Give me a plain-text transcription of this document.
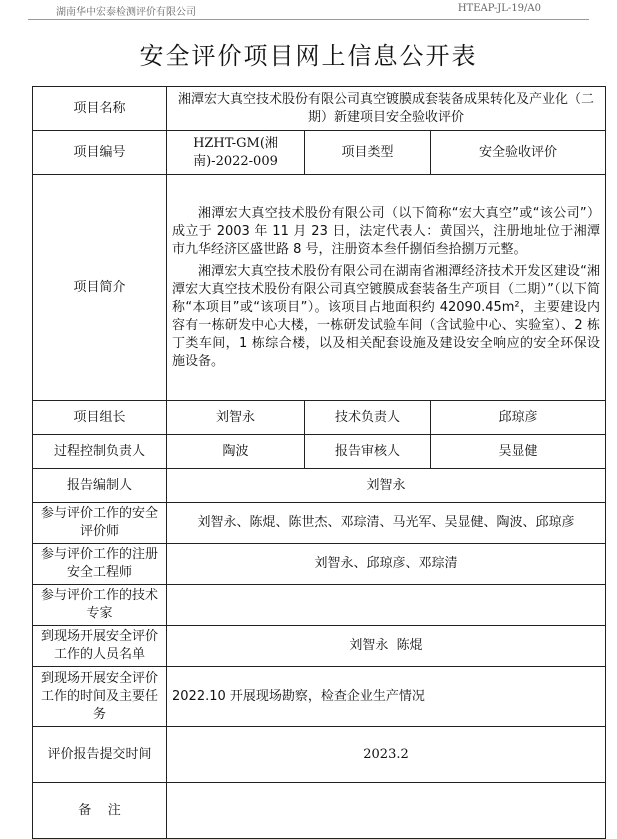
湖南华中宏泰检测评价有限公司	HTEAP-JL-19/A0
安全评价项目网上信息公开表
项目名称	湘潭宏大真空技术股份有限公司真空镀膜成套装备成果转化及产业化（二期）新建项目安全验收评价		
项目编号	HZHT-GM(湘南)-2022-009	项目类型	安全验收评价
项目简介	湘潭宏大真空技术股份有限公司（以下简称“宏大真空”或“该公司”）成立于 2003 年 11 月 23 日，法定代表人：黄国兴，注册地址位于湘潭市九华经济区盛世路 8 号，注册资本叁仟捌佰叁拾捌万元整。

湘潭宏大真空技术股份有限公司在湖南省湘潭经济技术开发区建设“湘潭宏大真空技术股份有限公司真空镀膜成套装备生产项目（二期）”（以下简称“本项目”或“该项目”）。该项目占地面积约 42090.45m²，主要建设内容有一栋研发中心大楼，一栋研发试验车间（含试验中心、实验室）、2 栋丁类车间，1 栋综合楼，以及相关配套设施及建设安全响应的安全环保设施设备。		

项目组长	刘智永	技术负责人	邱琼彦
过程控制负责人	陶波	报告审核人	吴显健
报告编制人	刘智永		
参与评价工作的安全评价师	刘智永、陈焜、陈世杰、邓琮清、马光军、吴显健、陶波、邱琼彦		
参与评价工作的注册安全工程师	刘智永、邱琼彦、邓琮清		
参与评价工作的技术专家			
到现场开展安全评价工作的人员名单	刘智永  陈焜		
到现场开展安全评价工作的时间及主要任务	2022.10 开展现场勘察，检查企业生产情况		
评价报告提交时间	2023.2		
备    注			
